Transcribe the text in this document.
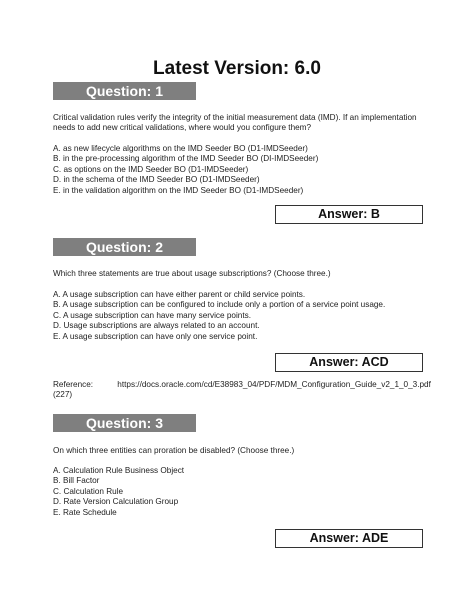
Latest Version: 6.0
Question: 1
Critical validation rules verify the integrity of the initial measurement data (IMD). If an implementation needs to add new critical validations, where would you configure them?
A. as new lifecycle algorithms on the IMD Seeder BO (D1-IMDSeeder)
B. in the pre-processing algorithm of the IMD Seeder BO (DI-IMDSeeder)
C. as options on the IMD Seeder BO (D1-IMDSeeder)
D. in the schema of the IMD Seeder BO (D1-IMDSeeder)
E. in the validation algorithm on the IMD Seeder BO (D1-IMDSeeder)
Answer: B
Question: 2
Which three statements are true about usage subscriptions? (Choose three.)
A. A usage subscription can have either parent or child service points.
B. A usage subscription can be configured to include only a portion of a service point usage.
C. A usage subscription can have many service points.
D. Usage subscriptions are always related to an account.
E. A usage subscription can have only one service point.
Answer: ACD
Reference:	https://docs.oracle.com/cd/E38983_04/PDF/MDM_Configuration_Guide_v2_1_0_3.pdf
(227)
Question: 3
On which three entities can proration be disabled? (Choose three.)
A. Calculation Rule Business Object
B. Bill Factor
C. Calculation Rule
D. Rate Version Calculation Group
E. Rate Schedule
Answer: ADE
